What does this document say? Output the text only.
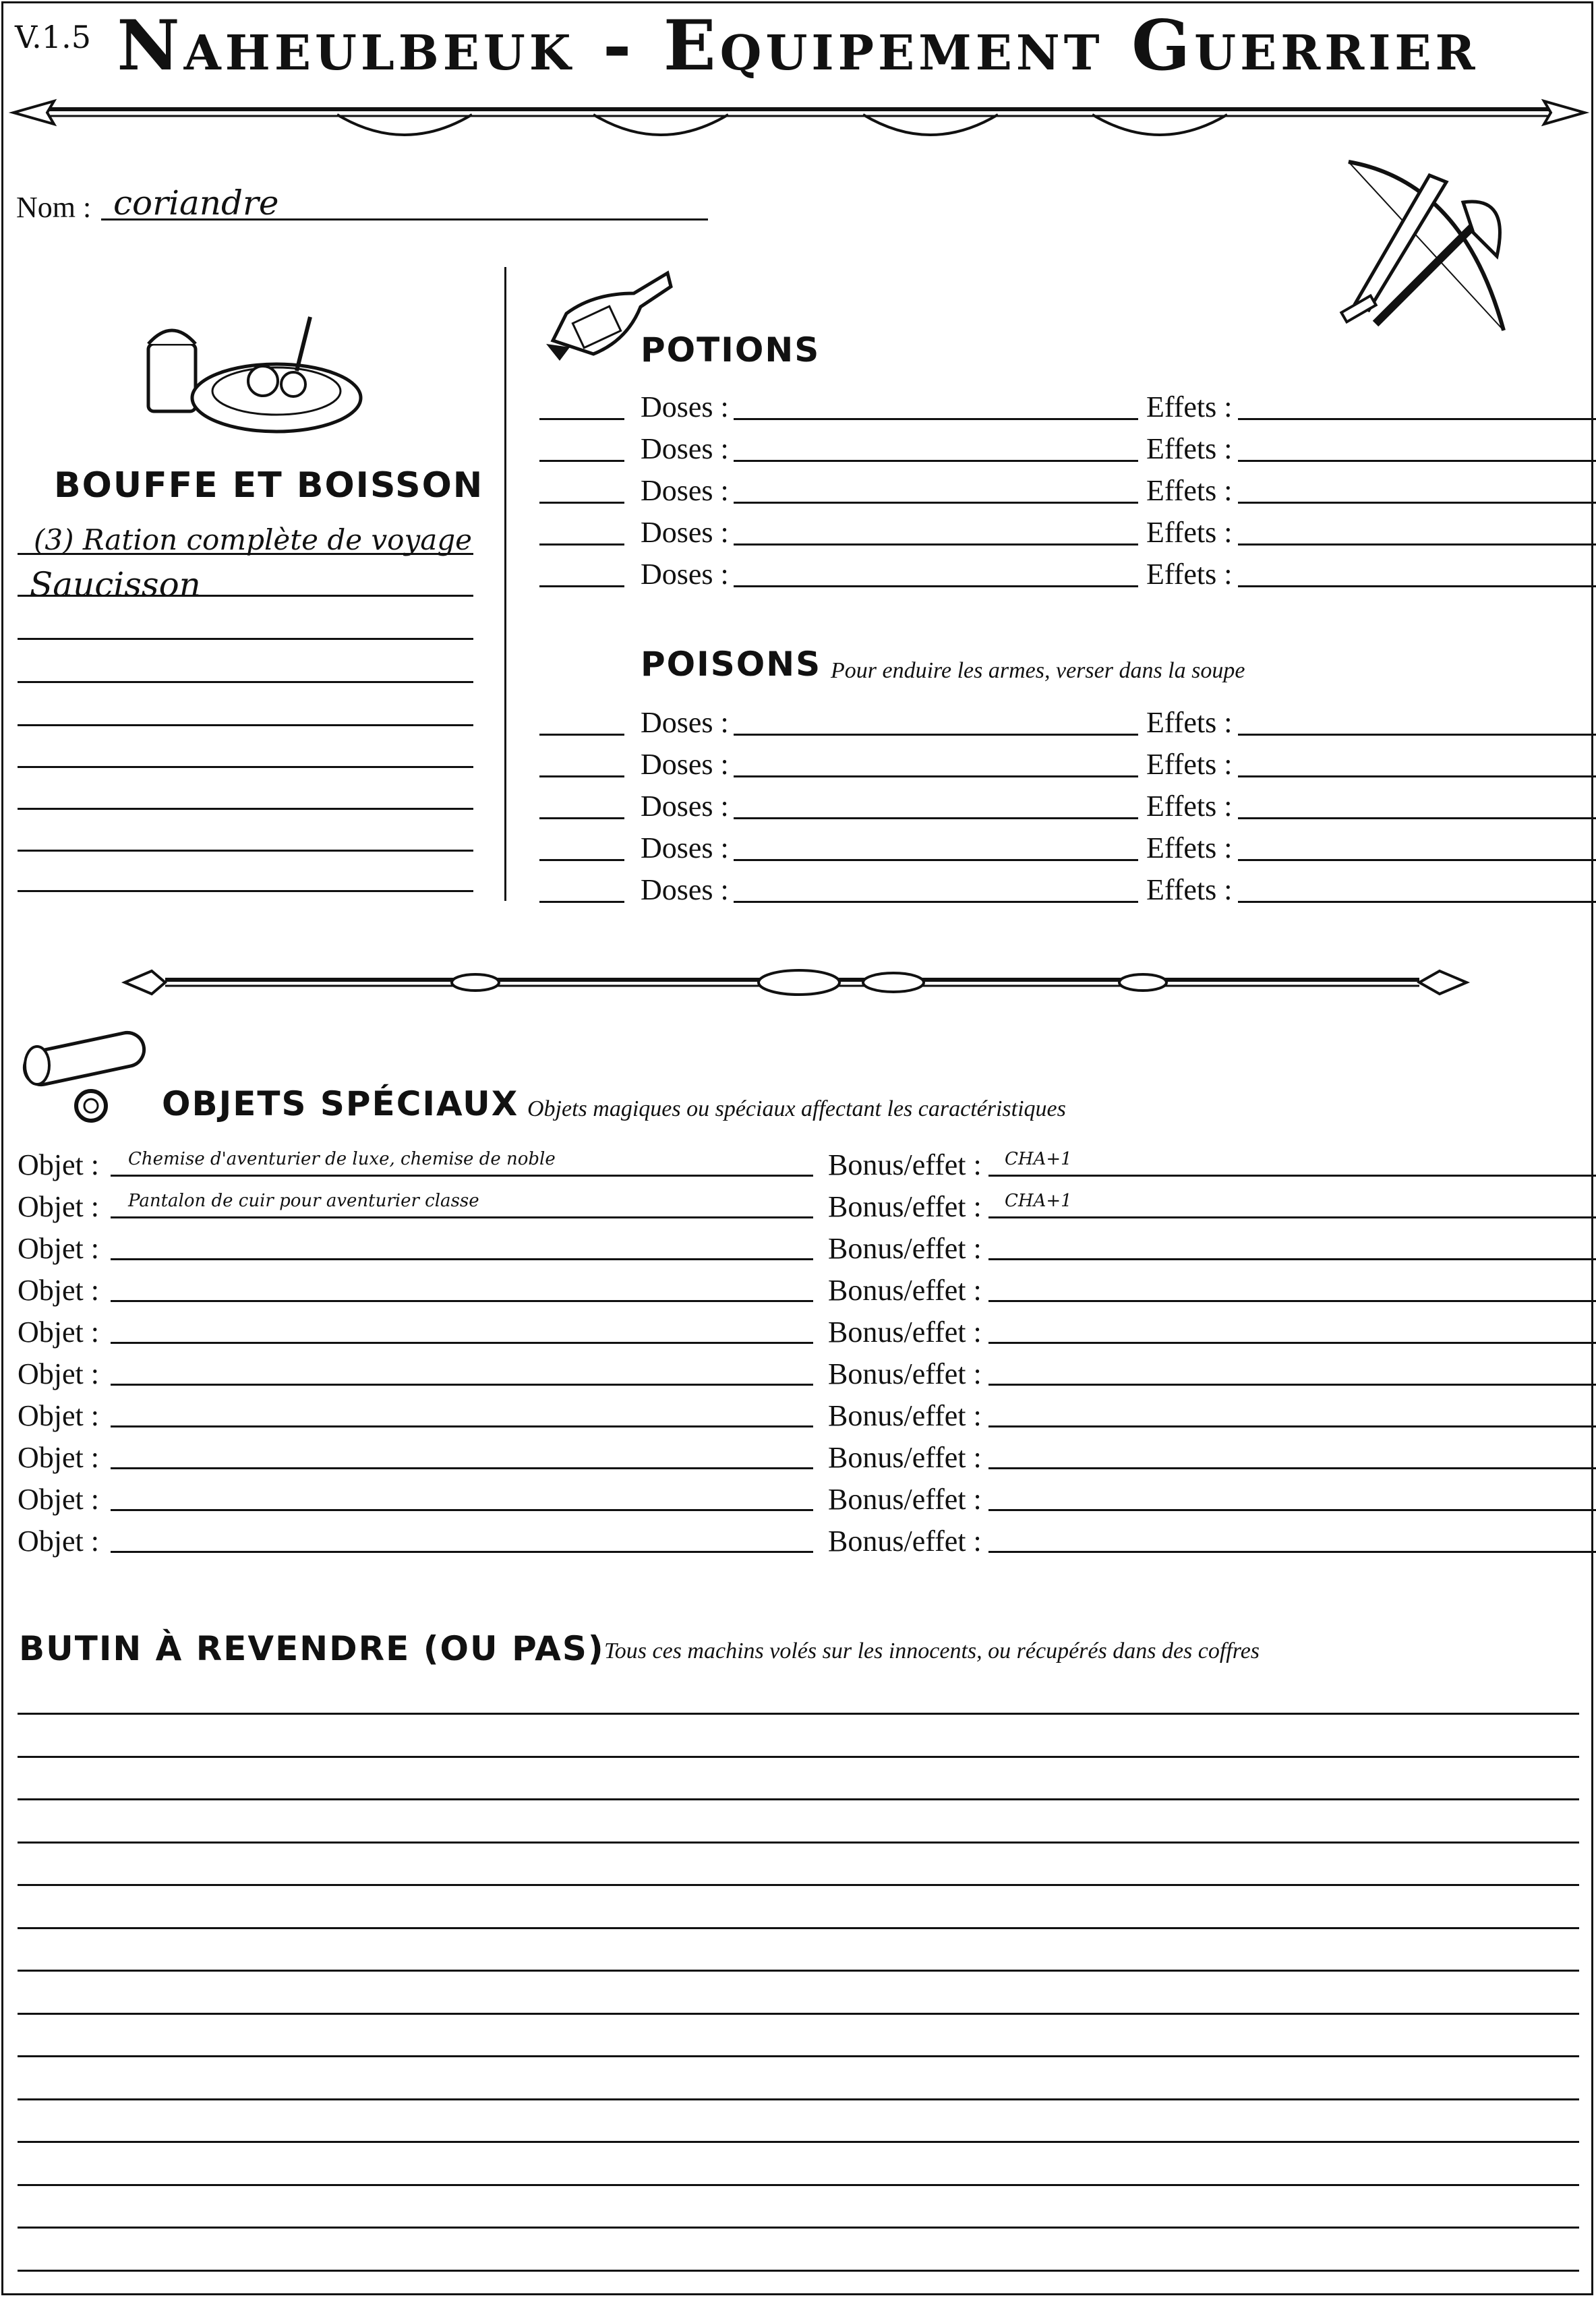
V.1.5 Naheulbeuk - Equipement Guerrier
Nom : coriandre
BOUFFE ET BOISSON
(3) Ration complète de voyage
Saucisson
POTIONS
Doses :	Effets :
Doses :	Effets :
Doses :	Effets :
Doses :	Effets :
Doses :	Effets :
POISONS Pour enduire les armes, verser dans la soupe
Doses :	Effets :
Doses :	Effets :
Doses :	Effets :
Doses :	Effets :
Doses :	Effets :
OBJETS SPÉCIAUX Objets magiques ou spéciaux affectant les caractéristiques
Objet : Chemise d'aventurier de luxe, chemise de noble	Bonus/effet : CHA+1
Objet : Pantalon de cuir pour aventurier classe	Bonus/effet : CHA+1
Objet :	Bonus/effet :
Objet :	Bonus/effet :
Objet :	Bonus/effet :
Objet :	Bonus/effet :
Objet :	Bonus/effet :
Objet :	Bonus/effet :
Objet :	Bonus/effet :
Objet :	Bonus/effet :
BUTIN À REVENDRE (OU PAS) Tous ces machins volés sur les innocents, ou récupérés dans des coffres
